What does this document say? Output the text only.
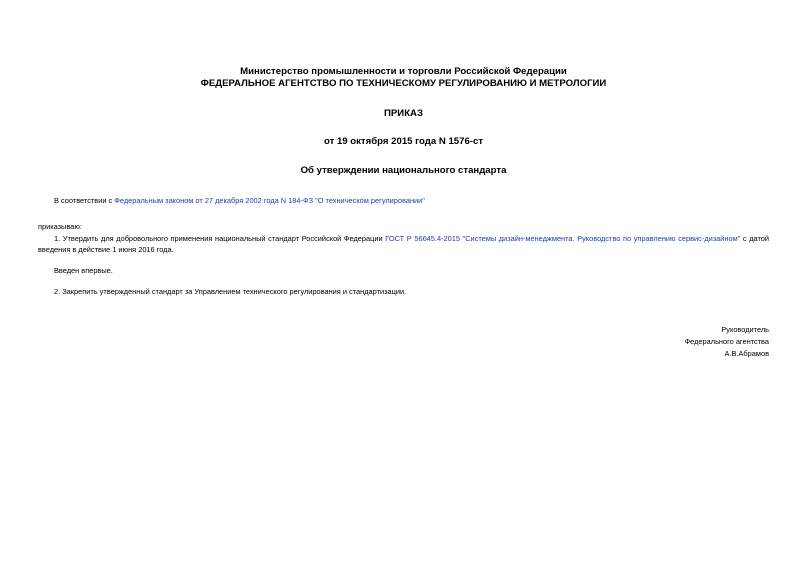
Министерство промышленности и торговли Российской Федерации
ФЕДЕРАЛЬНОЕ АГЕНТСТВО ПО ТЕХНИЧЕСКОМУ РЕГУЛИРОВАНИЮ И МЕТРОЛОГИИ
ПРИКАЗ
от 19 октября 2015 года N 1576-ст
Об утверждении национального стандарта
В соответствии с Федеральным законом от 27 декабря 2002 года N 184-ФЗ "О техническом регулировании"
приказываю:
1. Утвердить для добровольного применения национальный стандарт Российской Федерации ГОСТ Р 56645.4-2015 "Системы дизайн-менеджмента. Руководство по управлению сервис-дизайном" с датой введения в действие 1 июня 2016 года.
Введен впервые.
2. Закрепить утвержденный стандарт за Управлением технического регулирования и стандартизации.
Руководитель
Федерального агентства
А.В.Абрамов
